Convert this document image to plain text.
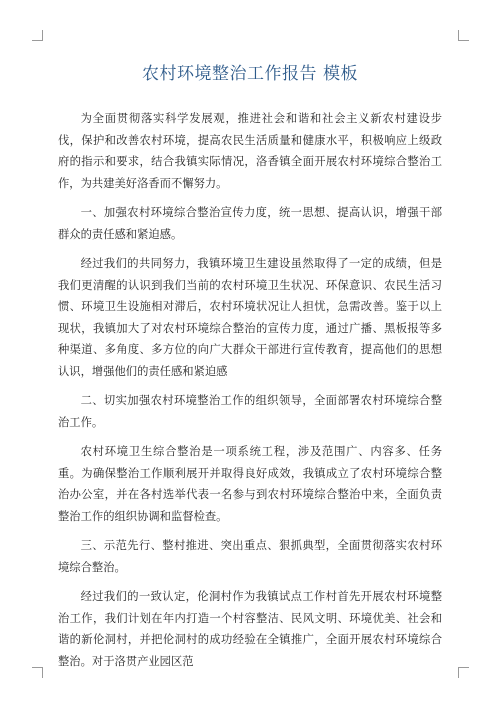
农村环境整治工作报告 模板

为全面贯彻落实科学发展观，推进社会和谐和社会主义新农村建设步伐，保护和改善农村环境，提高农民生活质量和健康水平，积极响应上级政府的指示和要求，结合我镇实际情况，洛香镇全面开展农村环境综合整治工作，为共建美好洛香而不懈努力。

一、加强农村环境综合整治宣传力度，统一思想、提高认识，增强干部群众的责任感和紧迫感。

经过我们的共同努力，我镇环境卫生建设虽然取得了一定的成绩，但是我们更清醒的认识到我们当前的农村环境卫生状况、环保意识、农民生活习惯、环境卫生设施相对滞后，农村环境状况让人担忧，急需改善。鉴于以上现状，我镇加大了对农村环境综合整治的宣传力度，通过广播、黑板报等多种渠道、多角度、多方位的向广大群众干部进行宣传教育，提高他们的思想认识，增强他们的责任感和紧迫感

二、切实加强农村环境整治工作的组织领导，全面部署农村环境综合整治工作。

农村环境卫生综合整治是一项系统工程，涉及范围广、内容多、任务重。为确保整治工作顺利展开并取得良好成效，我镇成立了农村环境综合整治办公室，并在各村选举代表一名参与到农村环境综合整治中来，全面负责整治工作的组织协调和监督检查。

三、示范先行、整村推进、突出重点、狠抓典型，全面贯彻落实农村环境综合整治。

经过我们的一致认定，伦洞村作为我镇试点工作村首先开展农村环境整治工作，我们计划在年内打造一个村容整洁、民风文明、环境优美、社会和谐的新伦洞村，并把伦洞村的成功经验在全镇推广，全面开展农村环境综合整治。对于洛贯产业园区范
